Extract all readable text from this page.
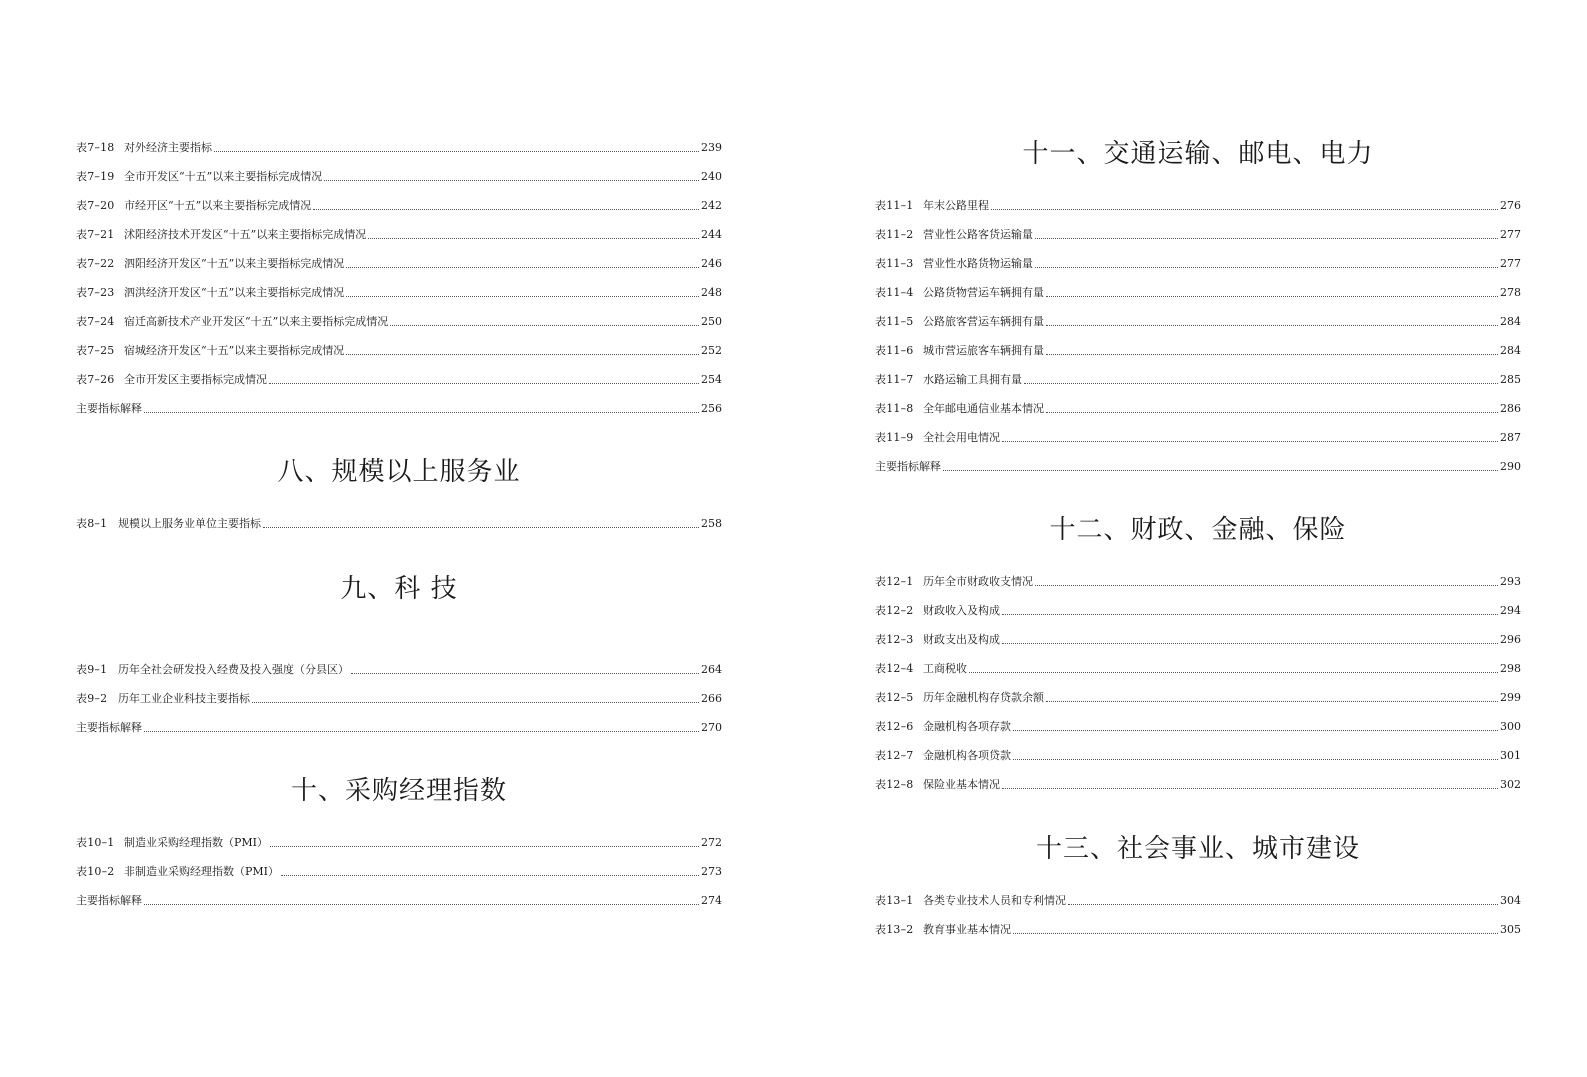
表7–18 对外经济主要指标	239
表7–19 全市开发区“十五”以来主要指标完成情况	240
表7–20 市经开区“十五”以来主要指标完成情况	242
表7–21 沭阳经济技术开发区“十五”以来主要指标完成情况	244
表7–22 泗阳经济开发区“十五”以来主要指标完成情况	246
表7–23 泗洪经济开发区“十五”以来主要指标完成情况	248
表7–24 宿迁高新技术产业开发区“十五”以来主要指标完成情况	250
表7–25 宿城经济开发区“十五”以来主要指标完成情况	252
表7–26 全市开发区主要指标完成情况	254
主要指标解释	256
八、规模以上服务业
表8–1 规模以上服务业单位主要指标	258
九、科 技
表9–1 历年全社会研发投入经费及投入强度（分县区）	264
表9–2 历年工业企业科技主要指标	266
主要指标解释	270
十、采购经理指数
表10–1 制造业采购经理指数（PMI）	272
表10–2 非制造业采购经理指数（PMI）	273
主要指标解释	274
十一、交通运输、邮电、电力
表11–1 年末公路里程	276
表11–2 营业性公路客货运输量	277
表11–3 营业性水路货物运输量	277
表11–4 公路货物营运车辆拥有量	278
表11–5 公路旅客营运车辆拥有量	284
表11–6 城市营运旅客车辆拥有量	284
表11–7 水路运输工具拥有量	285
表11–8 全年邮电通信业基本情况	286
表11–9 全社会用电情况	287
主要指标解释	290
十二、财政、金融、保险
表12–1 历年全市财政收支情况	293
表12–2 财政收入及构成	294
表12–3 财政支出及构成	296
表12–4 工商税收	298
表12–5 历年金融机构存贷款余额	299
表12–6 金融机构各项存款	300
表12–7 金融机构各项贷款	301
表12–8 保险业基本情况	302
十三、社会事业、城市建设
表13–1 各类专业技术人员和专利情况	304
表13–2 教育事业基本情况	305
